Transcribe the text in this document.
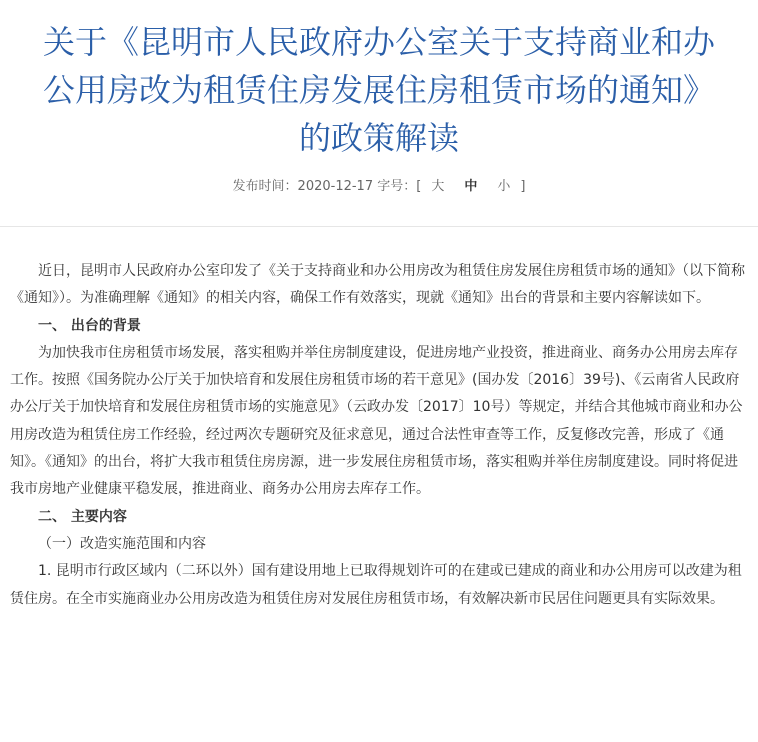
关于《昆明市人民政府办公室关于支持商业和办
公用房改为租赁住房发展住房租赁市场的通知》
的政策解读
发布时间：2020-12-17 字号：[ 大 中 小 ]

近日，昆明市人民政府办公室印发了《关于支持商业和办公用房改为租赁住房发展住房租赁市场的通知》（以下简称《通知》）。为准确理解《通知》的相关内容，确保工作有效落实，现就《通知》出台的背景和主要内容解读如下。

一、 出台的背景

为加快我市住房租赁市场发展，落实租购并举住房制度建设，促进房地产业投资，推进商业、商务办公用房去库存工作。按照《国务院办公厅关于加快培育和发展住房租赁市场的若干意见》(国办发〔2016〕39号)、《云南省人民政府办公厅关于加快培育和发展住房租赁市场的实施意见》（云政办发〔2017〕10号）等规定，并结合其他城市商业和办公用房改造为租赁住房工作经验，经过两次专题研究及征求意见，通过合法性审查等工作，反复修改完善，形成了《通知》。《通知》的出台，将扩大我市租赁住房房源，进一步发展住房租赁市场，落实租购并举住房制度建设。同时将促进我市房地产业健康平稳发展，推进商业、商务办公用房去库存工作。

二、 主要内容

（一）改造实施范围和内容

1. 昆明市行政区域内（二环以外）国有建设用地上已取得规划许可的在建或已建成的商业和办公用房可以改建为租赁住房。在全市实施商业办公用房改造为租赁住房对发展住房租赁市场，有效解决新市民居住问题更具有实际效果。
